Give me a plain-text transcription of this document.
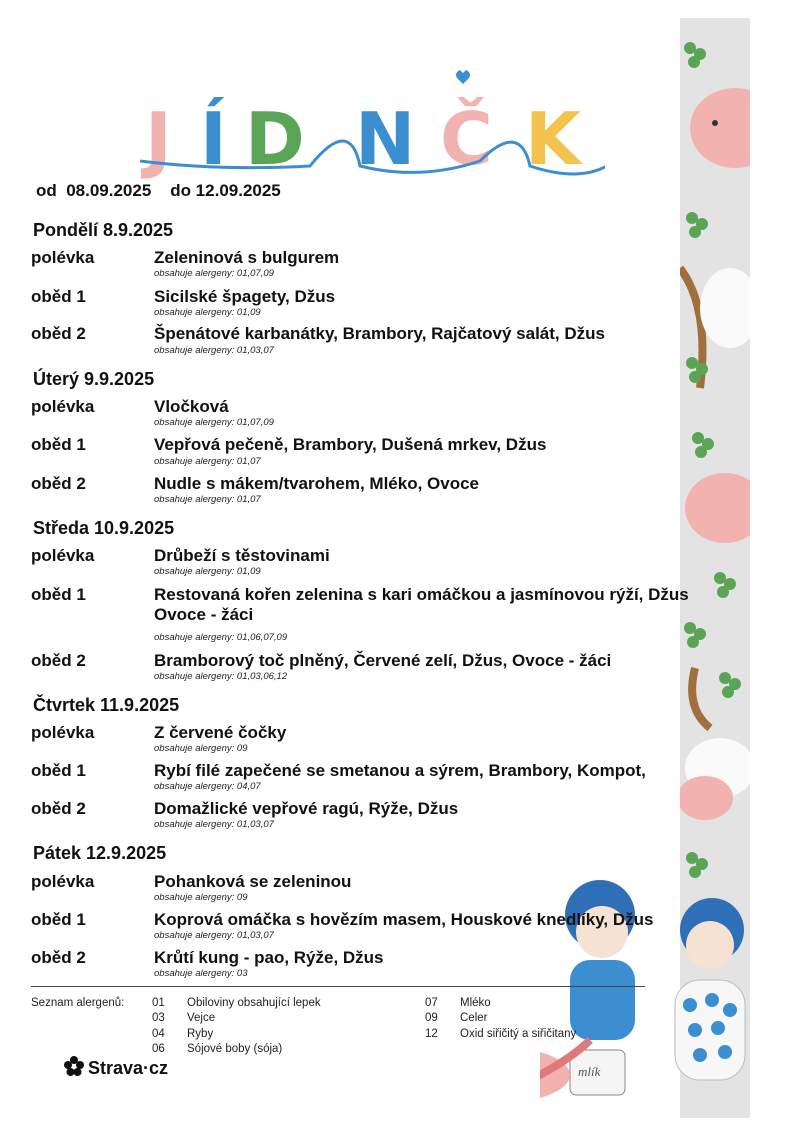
mlík
J Í D N Č K
od  08.09.2025    do 12.09.2025
Pondělí 8.9.2025
polévka	Zeleninová s bulgurem
obsahuje alergeny: 01,07,09
oběd 1	Sicilské špagety, Džus
obsahuje alergeny: 01,09
oběd 2	Špenátové karbanátky, Brambory, Rajčatový salát, Džus
obsahuje alergeny: 01,03,07
Úterý 9.9.2025
polévka	Vločková
obsahuje alergeny: 01,07,09
oběd 1	Vepřová pečeně, Brambory, Dušená mrkev, Džus
obsahuje alergeny: 01,07
oběd 2	Nudle s mákem/tvarohem, Mléko, Ovoce
obsahuje alergeny: 01,07
Středa 10.9.2025
polévka	Drůbeží s těstovinami
obsahuje alergeny: 01,09
oběd 1	Restovaná kořen zelenina s kari omáčkou a jasmínovou rýží, Džus Ovoce - žáci
obsahuje alergeny: 01,06,07,09
oběd 2	Bramborový toč plněný, Červené zelí, Džus, Ovoce - žáci
obsahuje alergeny: 01,03,06,12
Čtvrtek 11.9.2025
polévka	Z červené čočky
obsahuje alergeny: 09
oběd 1	Rybí filé zapečené se smetanou a sýrem, Brambory, Kompot,
obsahuje alergeny: 04,07
oběd 2	Domažlické vepřové ragú, Rýže, Džus
obsahuje alergeny: 01,03,07
Pátek 12.9.2025
polévka	Pohanková se zeleninou
obsahuje alergeny: 09
oběd 1	Koprová omáčka s hovězím masem, Houskové knedlíky, Džus
obsahuje alergeny: 01,03,07
oběd 2	Krůtí kung - pao, Rýže, Džus
obsahuje alergeny: 03
Seznam alergenů: 01 Obiloviny obsahující lepek
03 Vejce
04 Ryby
06 Sójové boby (sója)
07 Mléko
09 Celer
12 Oxid siřičitý a siřičitany
Strava·cz
